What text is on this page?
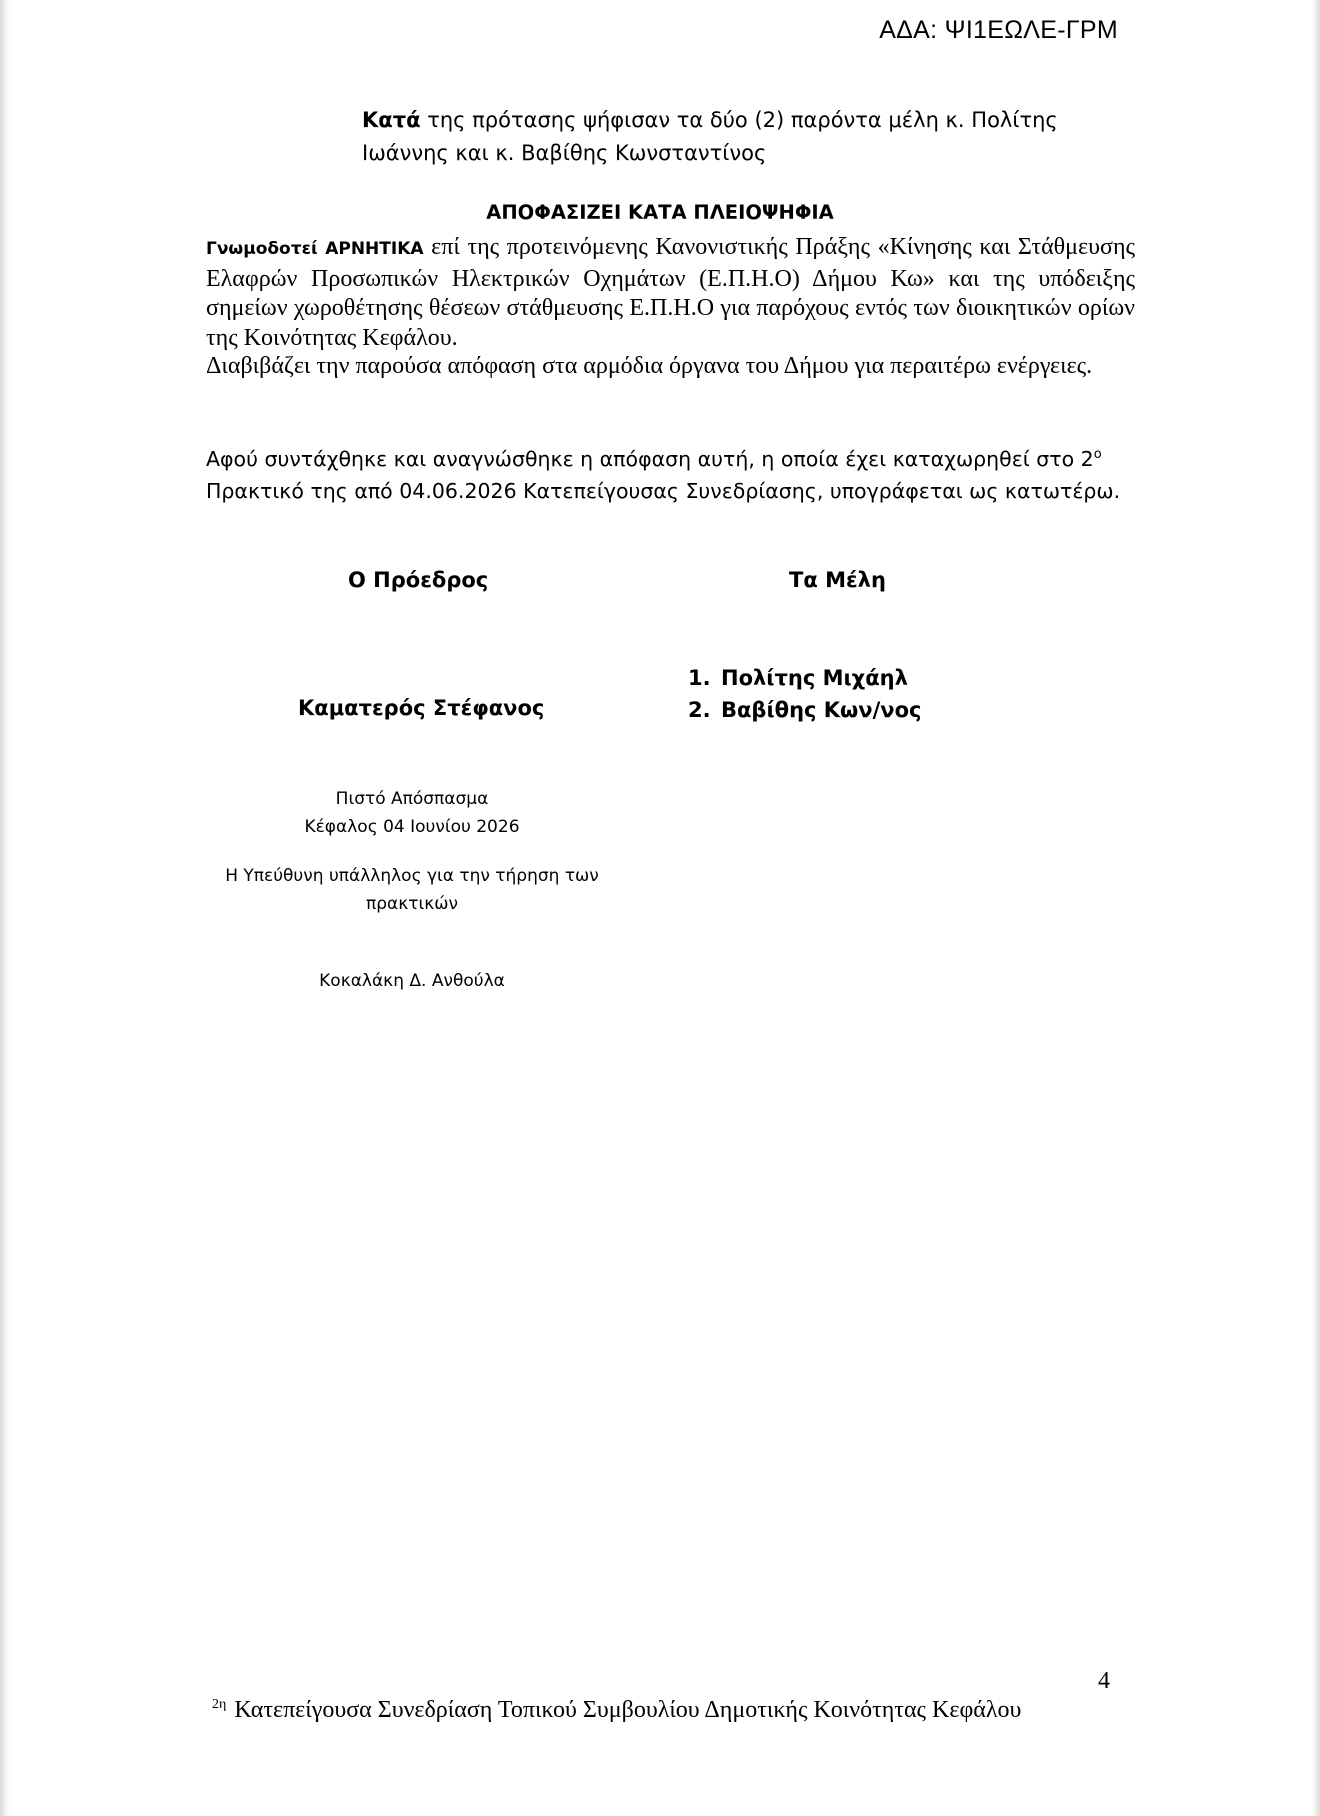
ΑΔΑ: ΨΙ1ΕΩΛΕ-ΓΡΜ
Κατά της πρότασης ψήφισαν τα δύο (2) παρόντα μέλη κ. Πολίτης Ιωάννης και κ. Βαβίθης Κωνσταντίνος
ΑΠΟΦΑΣΙΖΕΙ ΚΑΤΑ ΠΛΕΙΟΨΗΦΙΑ
Γνωμοδοτεί ΑΡΝΗΤΙΚΑ επί της προτεινόμενης Κανονιστικής Πράξης «Κίνησης και Στάθμευσης Ελαφρών Προσωπικών Ηλεκτρικών Οχημάτων (Ε.Π.Η.Ο) Δήμου Κω» και της υπόδειξης σημείων χωροθέτησης θέσεων στάθμευσης Ε.Π.Η.Ο για παρόχους εντός των διοικητικών ορίων της Κοινότητας Κεφάλου.
Διαβιβάζει την παρούσα απόφαση στα αρμόδια όργανα του Δήμου για περαιτέρω ενέργειες.
Αφού συντάχθηκε και αναγνώσθηκε η απόφαση αυτή, η οποία έχει καταχωρηθεί στο $2^o$ Πρακτικό της από 04.06.2026 Κατεπείγουσας Συνεδρίασης, υπογράφεται ως κατωτέρω.
Ο Πρόεδρος	Τα Μέλη
1. Πολίτης Μιχάηλ
2. Βαβίθης Κων/νος
Καματερός Στέφανος
Πιστό Απόσπασμα
Κέφαλος 04 Ιουνίου 2026
Η Υπεύθυνη υπάλληλος για την τήρηση των
πρακτικών
Κοκαλάκη Δ. Ανθούλα
4
$^{2\eta}$ Κατεπείγουσα Συνεδρίαση Τοπικού Συμβουλίου Δημοτικής Κοινότητας Κεφάλου
